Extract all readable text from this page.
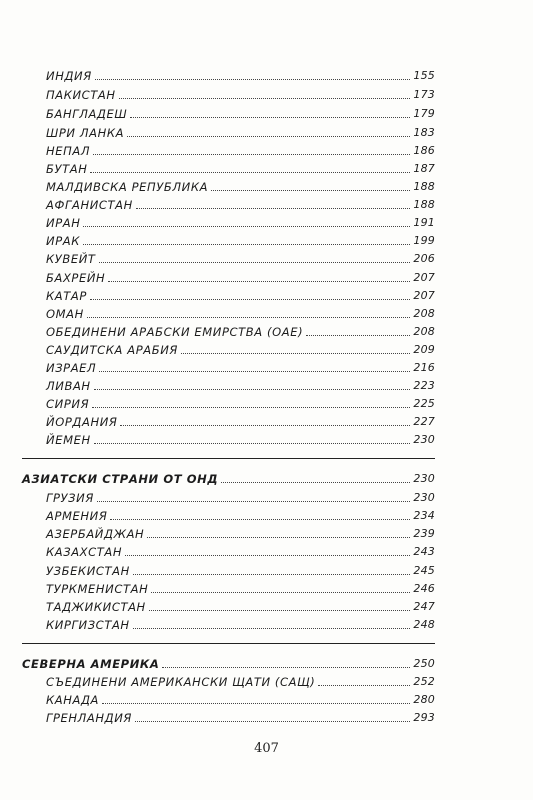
ИНДИЯ	155
ПАКИСТАН	173
БАНГЛАДЕШ	179
ШРИ ЛАНКА	183
НЕПАЛ	186
БУТАН	187
МАЛДИВСКА РЕПУБЛИКА	188
АФГАНИСТАН	188
ИРАН	191
ИРАК	199
КУВЕЙТ	206
БАХРЕЙН	207
КАТАР	207
ОМАН	208
ОБЕДИНЕНИ АРАБСКИ ЕМИРСТВА (ОАЕ)	208
САУДИТСКА АРАБИЯ	209
ИЗРАЕЛ	216
ЛИВАН	223
СИРИЯ	225
ЙОРДАНИЯ	227
ЙЕМЕН	230
АЗИАТСКИ СТРАНИ ОТ ОНД	230
ГРУЗИЯ	230
АРМЕНИЯ	234
АЗЕРБАЙДЖАН	239
КАЗАХСТАН	243
УЗБЕКИСТАН	245
ТУРКМЕНИСТАН	246
ТАДЖИКИСТАН	247
КИРГИЗСТАН	248
СЕВЕРНА АМЕРИКА	250
СЪЕДИНЕНИ АМЕРИКАНСКИ ЩАТИ (САЩ)	252
КАНАДА	280
ГРЕНЛАНДИЯ	293
407
